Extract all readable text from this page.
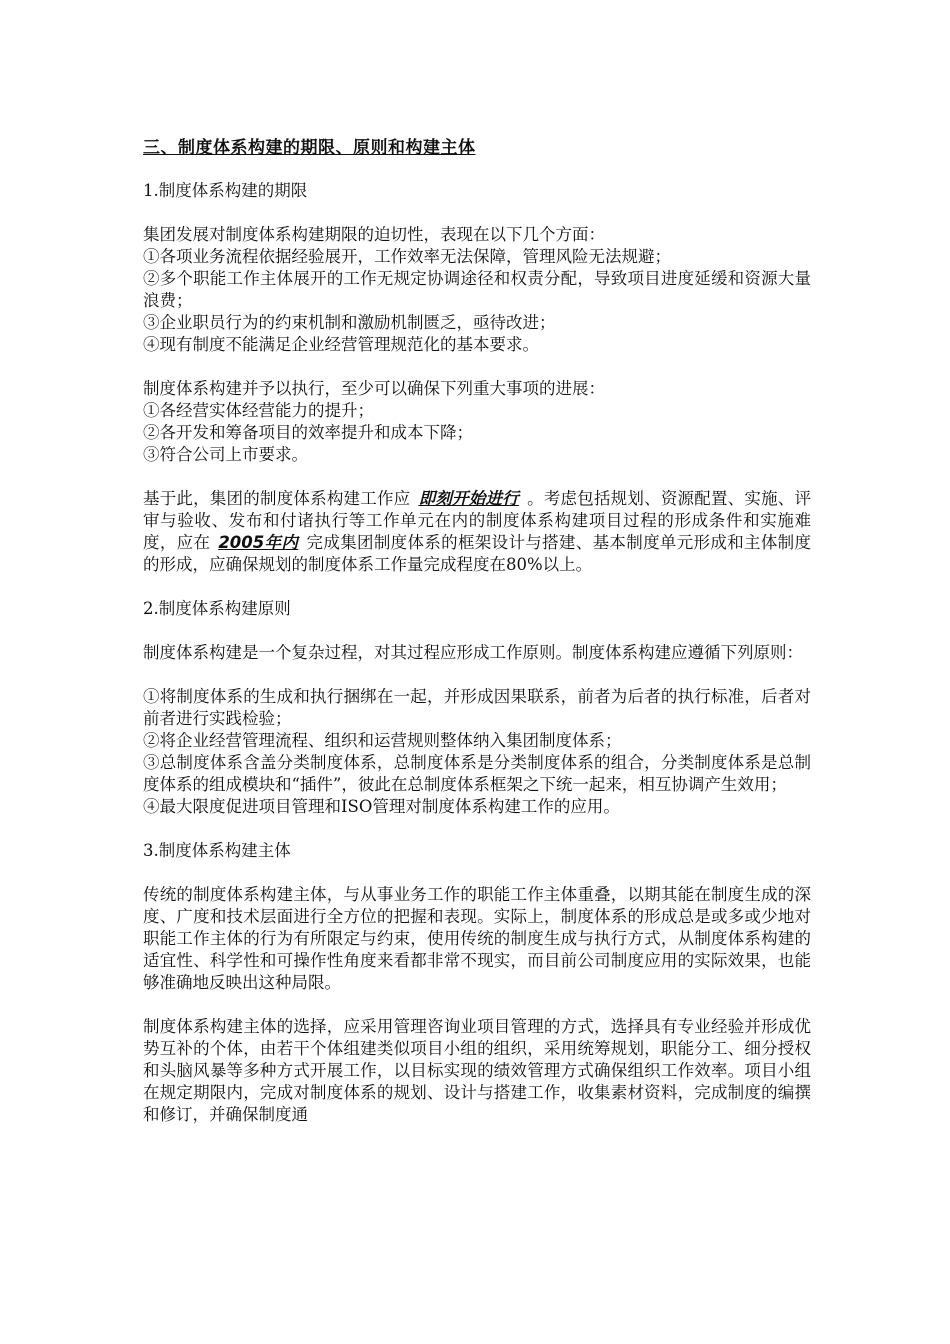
三、制度体系构建的期限、原则和构建主体
1.制度体系构建的期限

集团发展对制度体系构建期限的迫切性，表现在以下几个方面：

①各项业务流程依据经验展开，工作效率无法保障，管理风险无法规避；

②多个职能工作主体展开的工作无规定协调途径和权责分配，导致项目进度延缓和资源大量浪费；

③企业职员行为的约束机制和激励机制匮乏，亟待改进；

④现有制度不能满足企业经营管理规范化的基本要求。

制度体系构建并予以执行，至少可以确保下列重大事项的进展：

①各经营实体经营能力的提升；

②各开发和筹备项目的效率提升和成本下降；

③符合公司上市要求。

基于此，集团的制度体系构建工作应 即刻开始进行 。考虑包括规划、资源配置、实施、评审与验收、发布和付诸执行等工作单元在内的制度体系构建项目过程的形成条件和实施难度，应在 2005年内 完成集团制度体系的框架设计与搭建、基本制度单元形成和主体制度的形成，应确保规划的制度体系工作量完成程度在80%以上。

2.制度体系构建原则

制度体系构建是一个复杂过程，对其过程应形成工作原则。制度体系构建应遵循下列原则：

①将制度体系的生成和执行捆绑在一起，并形成因果联系，前者为后者的执行标准，后者对前者进行实践检验；

②将企业经营管理流程、组织和运营规则整体纳入集团制度体系；

③总制度体系含盖分类制度体系，总制度体系是分类制度体系的组合，分类制度体系是总制度体系的组成模块和“插件”，彼此在总制度体系框架之下统一起来，相互协调产生效用；

④最大限度促进项目管理和ISO管理对制度体系构建工作的应用。

3.制度体系构建主体

传统的制度体系构建主体，与从事业务工作的职能工作主体重叠，以期其能在制度生成的深度、广度和技术层面进行全方位的把握和表现。实际上，制度体系的形成总是或多或少地对职能工作主体的行为有所限定与约束，使用传统的制度生成与执行方式，从制度体系构建的适宜性、科学性和可操作性角度来看都非常不现实，而目前公司制度应用的实际效果，也能够准确地反映出这种局限。

制度体系构建主体的选择，应采用管理咨询业项目管理的方式，选择具有专业经验并形成优势互补的个体，由若干个体组建类似项目小组的组织，采用统筹规划，职能分工、细分授权和头脑风暴等多种方式开展工作，以目标实现的绩效管理方式确保组织工作效率。项目小组在规定期限内，完成对制度体系的规划、设计与搭建工作，收集素材资料，完成制度的编撰和修订，并确保制度通
